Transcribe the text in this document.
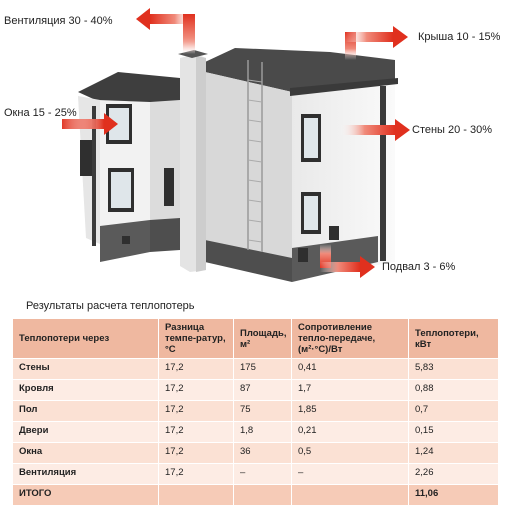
Вентиляция 30 - 40%
Крыша 10 - 15%
Окна 15 - 25%
Стены 20 - 30%
Подвал 3 - 6%
Результаты расчета теплопотерь
Теплопотери через	Разница темпе-ратур, °С	Площадь, м²	Сопротивление тепло-передаче, (м²·°С)/Вт	Теплопотери, кВт
Стены	17,2	175	0,41	5,83
Кровля	17,2	87	1,7	0,88
Пол	17,2	75	1,85	0,7
Двери	17,2	1,8	0,21	0,15
Окна	17,2	36	0,5	1,24
Вентиляция	17,2	–	–	2,26
ИТОГО				11,06
